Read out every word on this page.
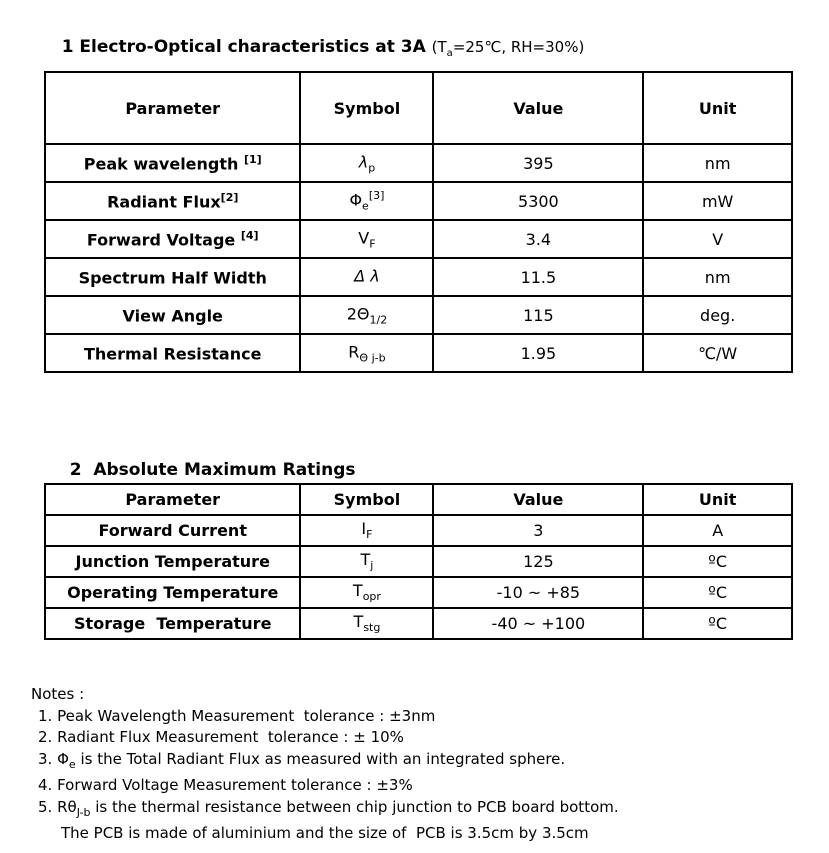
1 Electro-Optical characteristics at 3A ($T_a=25℃$, RH=30%)

Parameter	Symbol	Value	Unit
Peak wavelength [1]	$\lambda_p$	395	nm
Radiant Flux[2]	$\Phi_e[3]$	5300	mW
Forward Voltage [4]	$V_F$	3.4	V
Spectrum Half Width	Δ λ	11.5	nm
View Angle	$2\Theta_{1/2}$	115	deg.
Thermal Resistance	$R_{\Theta j-b}$	1.95	℃/W

2  Absolute Maximum Ratings

Parameter	Symbol	Value	Unit
Forward Current	$I_F$	3	A
Junction Temperature	$T_j$	125	ºC
Operating Temperature	$T_{opr}$	-10 ~ +85	ºC
Storage  Temperature	$T_{stg}$	-40 ~ +100	ºC
Notes :
1. Peak Wavelength Measurement  tolerance : ±3nm
2. Radiant Flux Measurement  tolerance : ± 10%
3. $\Phi_e$ is the Total Radiant Flux as measured with an integrated sphere.
4. Forward Voltage Measurement tolerance : ±3%
5. $R\theta_{J-b}$ is the thermal resistance between chip junction to PCB board bottom.
The PCB is made of aluminium and the size of  PCB is 3.5cm by 3.5cm
